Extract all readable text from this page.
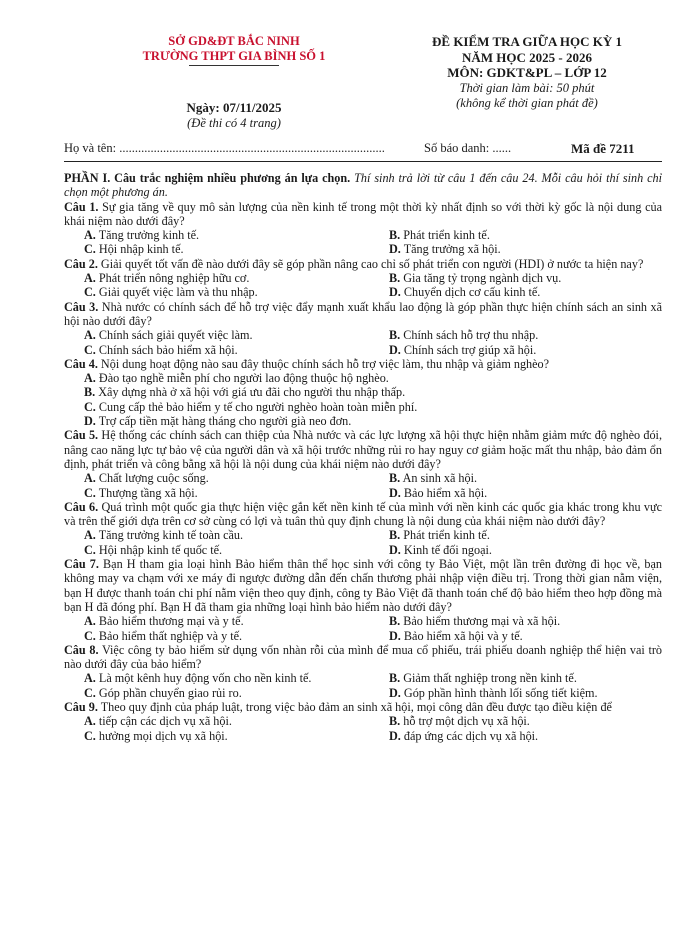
SỞ GD&ĐT BẮC NINH
TRƯỜNG THPT GIA BÌNH SỐ 1
Ngày: 07/11/2025
(Đề thi có 4 trang)
ĐỀ KIỂM TRA GIỮA HỌC KỲ 1
NĂM HỌC 2025 - 2026
MÔN: GDKT&PL – LỚP 12
Thời gian làm bài: 50 phút
(không kể thời gian phát đề)
Họ và tên: .....................................................................................	Số báo danh: ......	Mã đề 7211

PHẦN I. Câu trắc nghiệm nhiều phương án lựa chọn. Thí sinh trả lời từ câu 1 đến câu 24. Mỗi câu hỏi thí sinh chỉ chọn một phương án.

Câu 1. Sự gia tăng về quy mô sản lượng của nền kinh tế trong một thời kỳ nhất định so với thời kỳ gốc là nội dung của khái niệm nào dưới đây?

A. Tăng trưởng kinh tế.	B. Phát triển kinh tế.
C. Hội nhập kinh tế.	D. Tăng trưởng xã hội.

Câu 2. Giải quyết tốt vấn đề nào dưới đây sẽ góp phần nâng cao chỉ số phát triển con người (HDI) ở nước ta hiện nay?

A. Phát triển nông nghiệp hữu cơ.	B. Gia tăng tỷ trọng ngành dịch vụ.
C. Giải quyết việc làm và thu nhập.	D. Chuyển dịch cơ cấu kinh tế.

Câu 3. Nhà nước có chính sách để hỗ trợ việc đẩy mạnh xuất khẩu lao động là góp phần thực hiện chính sách an sinh xã hội nào dưới đây?

A. Chính sách giải quyết việc làm.	B. Chính sách hỗ trợ thu nhập.
C. Chính sách bảo hiểm xã hội.	D. Chính sách trợ giúp xã hội.

Câu 4. Nội dung hoạt động nào sau đây thuộc chính sách hỗ trợ việc làm, thu nhập và giảm nghèo?

A. Đào tạo nghề miễn phí cho người lao động thuộc hộ nghèo.
B. Xây dựng nhà ở xã hội với giá ưu đãi cho người thu nhập thấp.
C. Cung cấp thẻ bảo hiểm y tế cho người nghèo hoàn toàn miễn phí.
D. Trợ cấp tiền mặt hàng tháng cho người già neo đơn.

Câu 5. Hệ thống các chính sách can thiệp của Nhà nước và các lực lượng xã hội thực hiện nhằm giảm mức độ nghèo đói, nâng cao năng lực tự bảo vệ của người dân và xã hội trước những rủi ro hay nguy cơ giảm hoặc mất thu nhập, bảo đảm ổn định, phát triển và công bằng xã hội là nội dung của khái niệm nào dưới đây?

A. Chất lượng cuộc sống.	B. An sinh xã hội.
C. Thượng tầng xã hội.	D. Bảo hiểm xã hội.

Câu 6. Quá trình một quốc gia thực hiện việc gắn kết nền kinh tế của mình với nền kinh các quốc gia khác trong khu vực và trên thế giới dựa trên cơ sở cùng có lợi và tuân thủ quy định chung là nội dung của khái niệm nào dưới đây?

A. Tăng trưởng kinh tế toàn cầu.	B. Phát triển kinh tế.
C. Hội nhập kinh tế quốc tế.	D. Kinh tế đối ngoại.

Câu 7. Bạn H tham gia loại hình Bảo hiểm thân thể học sinh với công ty Bảo Việt, một lần trên đường đi học về, bạn không may va chạm với xe máy đi ngược đường dẫn đến chấn thương phải nhập viện điều trị. Trong thời gian nằm viện, bạn H được thanh toán chi phí nằm viện theo quy định, công ty Bảo Việt đã thanh toán chế độ bảo hiểm theo hợp đồng mà bạn H đã đóng phí. Bạn H đã tham gia những loại hình bảo hiểm nào dưới đây?

A. Bảo hiểm thương mại và y tế.	B. Bảo hiểm thương mại và xã hội.
C. Bảo hiểm thất nghiệp và y tế.	D. Bảo hiểm xã hội và y tế.

Câu 8. Việc công ty bảo hiểm sử dụng vốn nhàn rỗi của mình để mua cổ phiếu, trái phiếu doanh nghiệp thể hiện vai trò nào dưới đây của bảo hiểm?

A. Là một kênh huy động vốn cho nền kinh tế.	B. Giảm thất nghiệp trong nền kinh tế.
C. Góp phần chuyển giao rủi ro.	D. Góp phần hình thành lối sống tiết kiệm.

Câu 9. Theo quy định của pháp luật, trong việc bảo đảm an sinh xã hội, mọi công dân đều được tạo điều kiện để

A. tiếp cận các dịch vụ xã hội.	B. hỗ trợ một dịch vụ xã hội.
C. hưởng mọi dịch vụ xã hội.	D. đáp ứng các dịch vụ xã hội.
